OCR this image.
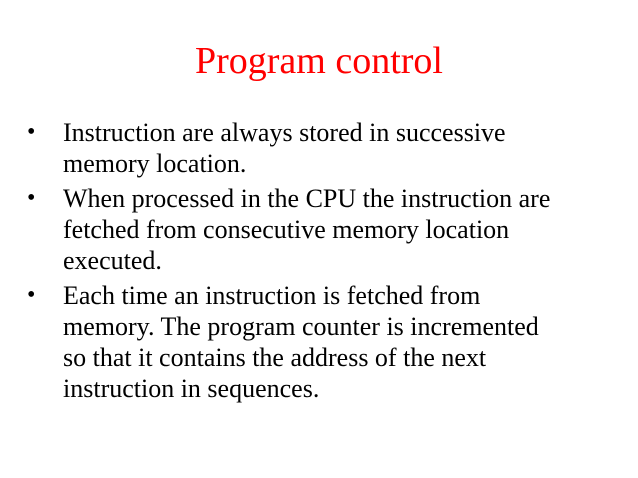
Program control
•	Instruction are always stored in successive
memory location.
•	When processed in the CPU the instruction are
fetched from consecutive memory location
executed.
•	Each time an instruction is fetched from
memory. The program counter is incremented
so that it contains the address of the next
instruction in sequences.
